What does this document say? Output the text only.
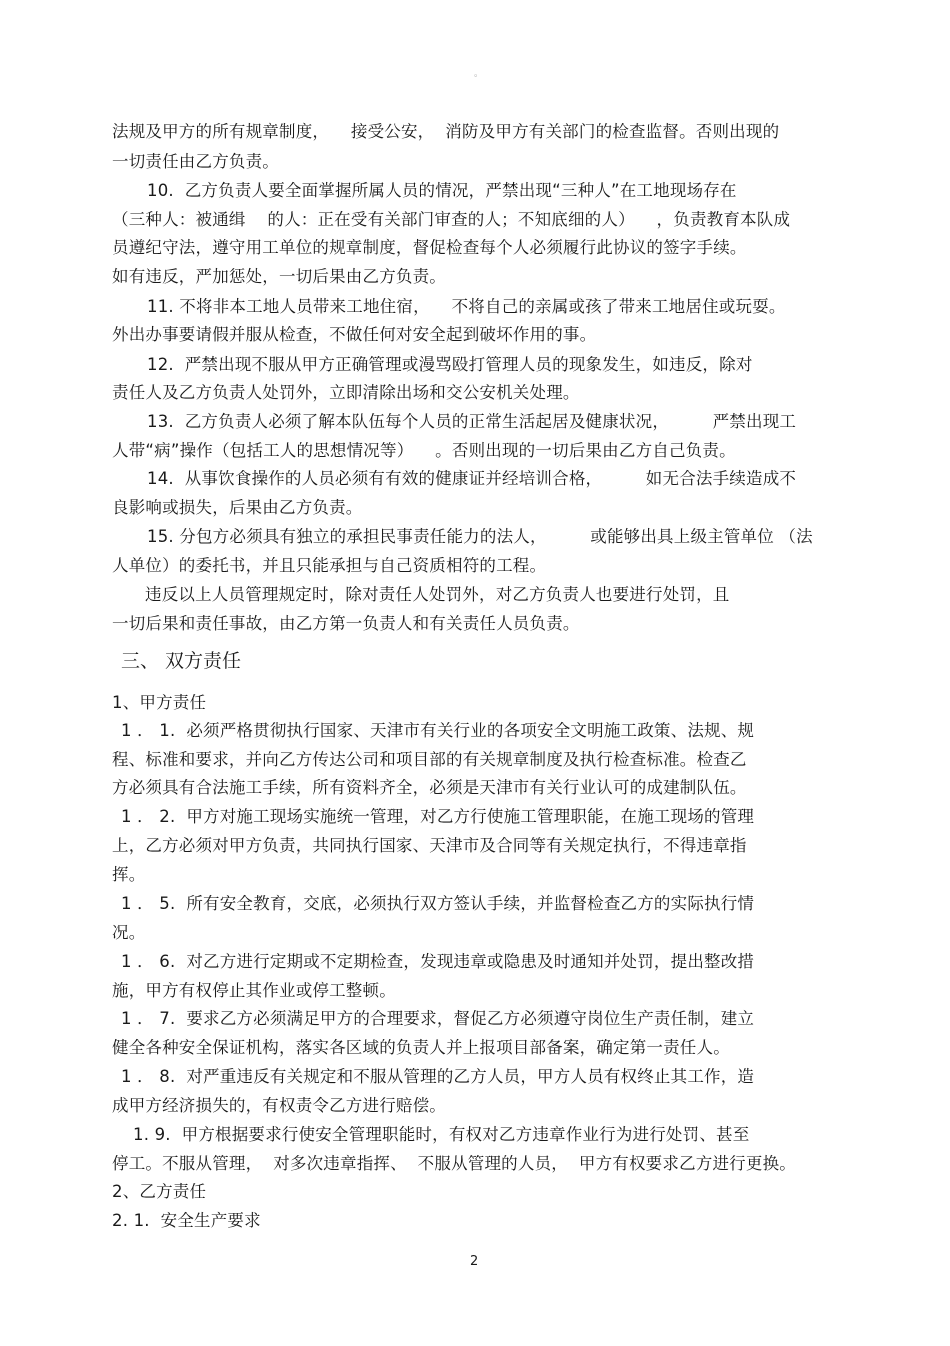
。
法规及甲方的所有规章制度，    接受公安，  消防及甲方有关部门的检查监督。否则出现的
一切责任由乙方负责。
10.  乙方负责人要全面掌握所属人员的情况，严禁出现“三种人”在工地现场存在
（三种人：被通缉    的人：正在受有关部门审查的人；不知底细的人）    ，负责教育本队成
员遵纪守法，遵守用工单位的规章制度，督促检查每个人必须履行此协议的签字手续。
如有违反，严加惩处，一切后果由乙方负责。
11. 不将非本工地人员带来工地住宿，    不将自己的亲属或孩了带来工地居住或玩耍。
外出办事要请假并服从检查，不做任何对安全起到破坏作用的事。
12.  严禁出现不服从甲方正确管理或漫骂殴打管理人员的现象发生，如违反，除对
责任人及乙方负责人处罚外，立即清除出场和交公安机关处理。
13.  乙方负责人必须了解本队伍每个人员的正常生活起居及健康状况，        严禁出现工
人带“病”操作（包括工人的思想情况等）    。否则出现的一切后果由乙方自己负责。
14.  从事饮食操作的人员必须有有效的健康证并经培训合格，        如无合法手续造成不
良影响或损失，后果由乙方负责。
15. 分包方必须具有独立的承担民事责任能力的法人，        或能够出具上级主管单位 （法
人单位）的委托书，并且只能承担与自己资质相符的工程。
违反以上人员管理规定时，除对责任人处罚外，对乙方负责人也要进行处罚，且
一切后果和责任事故，由乙方第一负责人和有关责任人员负责。
三、 双方责任
1、甲方责任
1 ． 1.  必须严格贯彻执行国家、天津市有关行业的各项安全文明施工政策、法规、规
程、标准和要求，并向乙方传达公司和项目部的有关规章制度及执行检查标准。检查乙
方必须具有合法施工手续，所有资料齐全，必须是天津市有关行业认可的成建制队伍。
1 ． 2.  甲方对施工现场实施统一管理，对乙方行使施工管理职能，在施工现场的管理
上，乙方必须对甲方负责，共同执行国家、天津市及合同等有关规定执行，不得违章指
挥。
1 ． 5.  所有安全教育，交底，必须执行双方签认手续，并监督检查乙方的实际执行情
况。
1 ． 6.  对乙方进行定期或不定期检查，发现违章或隐患及时通知并处罚，提出整改措
施，甲方有权停止其作业或停工整顿。
1 ． 7.  要求乙方必须满足甲方的合理要求，督促乙方必须遵守岗位生产责任制，建立
健全各种安全保证机构，落实各区域的负责人并上报项目部备案，确定第一责任人。
1 ． 8.  对严重违反有关规定和不服从管理的乙方人员，甲方人员有权终止其工作，造
成甲方经济损失的，有权责令乙方进行赔偿。
1. 9.  甲方根据要求行使安全管理职能时，有权对乙方违章作业行为进行处罚、甚至
停工。不服从管理，  对多次违章指挥、  不服从管理的人员，  甲方有权要求乙方进行更换。
2、乙方责任
2. 1.  安全生产要求
2
